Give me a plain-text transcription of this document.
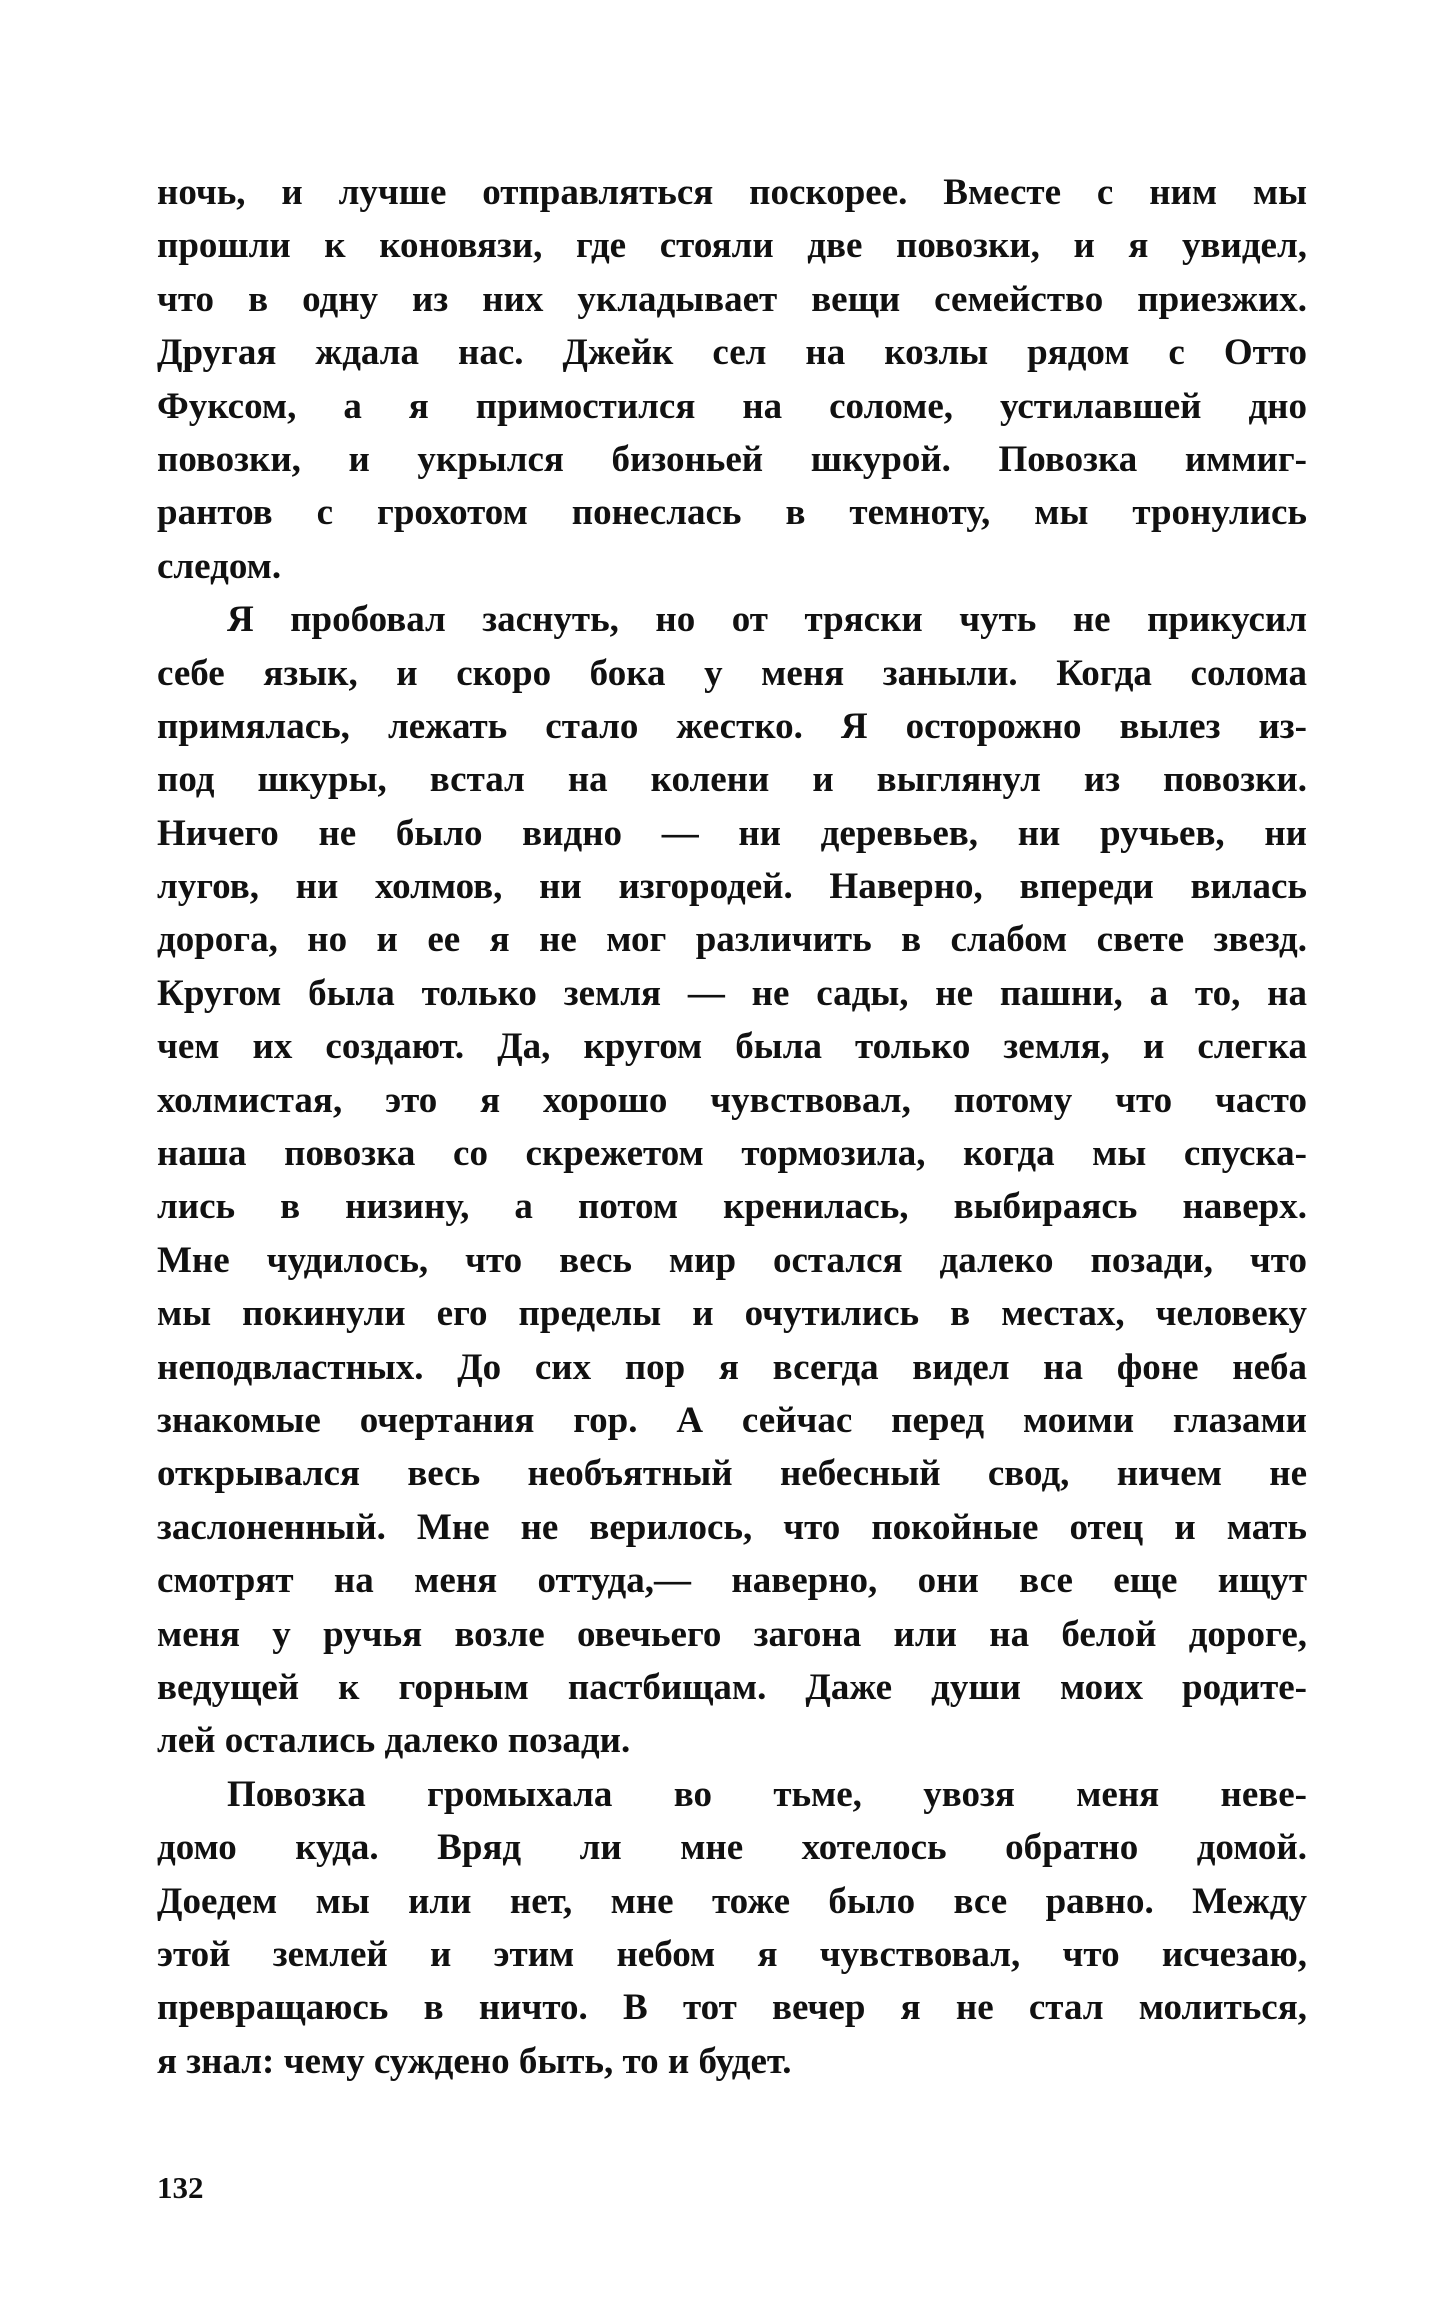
ночь, и лучше отправляться поскорее. Вместе с ним мы
прошли к коновязи, где стояли две повозки, и я увидел,
что в одну из них укладывает вещи семейство приезжих.
Другая ждала нас. Джейк сел на козлы рядом с Отто
Фуксом, а я примостился на соломе, устилавшей дно
повозки, и укрылся бизоньей шкурой. Повозка иммиг-
рантов с грохотом понеслась в темноту, мы тронулись
следом.

Я пробовал заснуть, но от тряски чуть не прикусил
себе язык, и скоро бока у меня заныли. Когда солома
примялась, лежать стало жестко. Я осторожно вылез из-
под шкуры, встал на колени и выглянул из повозки.
Ничего не было видно — ни деревьев, ни ручьев, ни
лугов, ни холмов, ни изгородей. Наверно, впереди вилась
дорога, но и ее я не мог различить в слабом свете звезд.
Кругом была только земля — не сады, не пашни, а то, на
чем их создают. Да, кругом была только земля, и слегка
холмистая, это я хорошо чувствовал, потому что часто
наша повозка со скрежетом тормозила, когда мы спуска-
лись в низину, а потом кренилась, выбираясь наверх.
Мне чудилось, что весь мир остался далеко позади, что
мы покинули его пределы и очутились в местах, человеку
неподвластных. До сих пор я всегда видел на фоне неба
знакомые очертания гор. А сейчас перед моими глазами
открывался весь необъятный небесный свод, ничем не
заслоненный. Мне не верилось, что покойные отец и мать
смотрят на меня оттуда,— наверно, они все еще ищут
меня у ручья возле овечьего загона или на белой дороге,
ведущей к горным пастбищам. Даже души моих родите-
лей остались далеко позади.

Повозка громыхала во тьме, увозя меня неве-
домо куда. Вряд ли мне хотелось обратно домой.
Доедем мы или нет, мне тоже было все равно. Между
этой землей и этим небом я чувствовал, что исчезаю,
превращаюсь в ничто. В тот вечер я не стал молиться,
я знал: чему суждено быть, то и будет.

132
